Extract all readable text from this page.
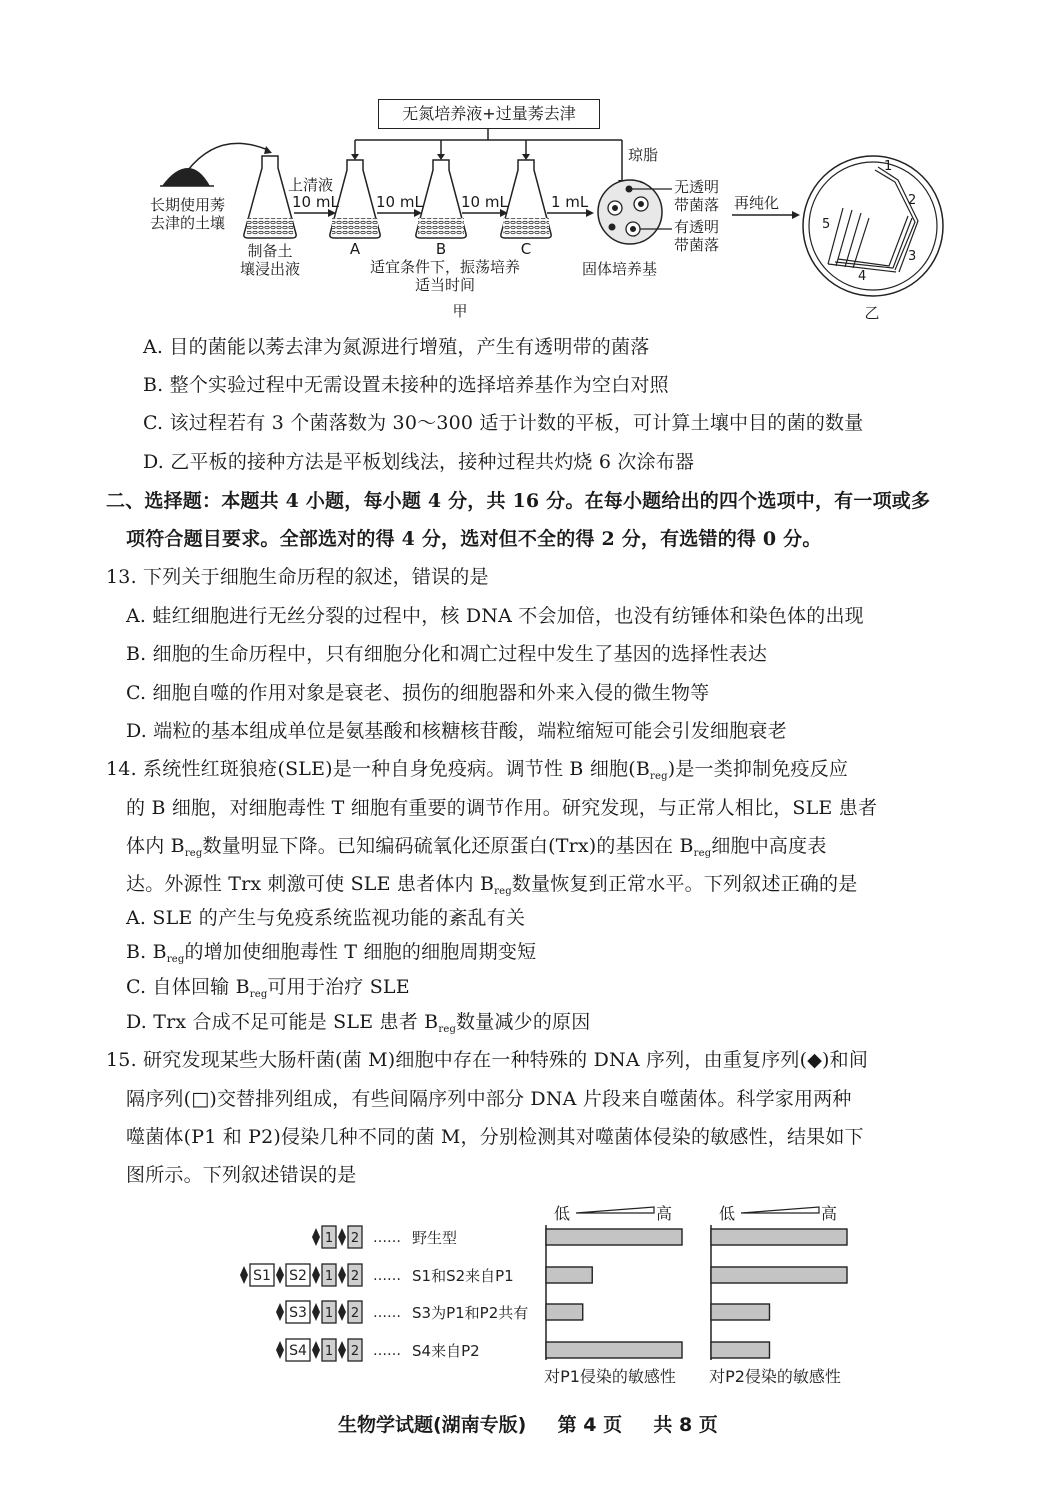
无氮培养液+过量莠去津
长期使用莠
去津的土壤
上清液
10 mL
制备土
壤浸出液
10 mL	10 mL	1 mL
A	B	C
适宜条件下，振荡培养
适当时间
甲
琼脂
无透明
带菌落
有透明
带菌落
固体培养基
再纯化
1
2
3
4
5
乙
A. 目的菌能以莠去津为氮源进行增殖，产生有透明带的菌落
B. 整个实验过程中无需设置未接种的选择培养基作为空白对照
C. 该过程若有 3 个菌落数为 30～300 适于计数的平板，可计算土壤中目的菌的数量
D. 乙平板的接种方法是平板划线法，接种过程共灼烧 6 次涂布器
二、选择题：本题共 4 小题，每小题 4 分，共 16 分。在每小题给出的四个选项中，有一项或多
项符合题目要求。全部选对的得 4 分，选对但不全的得 2 分，有选错的得 0 分。
13. 下列关于细胞生命历程的叙述，错误的是
A. 蛙红细胞进行无丝分裂的过程中，核 DNA 不会加倍，也没有纺锤体和染色体的出现
B. 细胞的生命历程中，只有细胞分化和凋亡过程中发生了基因的选择性表达
C. 细胞自噬的作用对象是衰老、损伤的细胞器和外来入侵的微生物等
D. 端粒的基本组成单位是氨基酸和核糖核苷酸，端粒缩短可能会引发细胞衰老
14. 系统性红斑狼疮(SLE)是一种自身免疫病。调节性 B 细胞$(B_{reg})$是一类抑制免疫反应
的 B 细胞，对细胞毒性 T 细胞有重要的调节作用。研究发现，与正常人相比，SLE 患者
体内 $B_{reg}$数量明显下降。已知编码硫氧化还原蛋白(Trx)的基因在 $B_{reg}$细胞中高度表
达。外源性 Trx 刺激可使 SLE 患者体内 $B_{reg}$数量恢复到正常水平。下列叙述正确的是
A. SLE 的产生与免疫系统监视功能的紊乱有关
B. $B_{reg}$的增加使细胞毒性 T 细胞的细胞周期变短
C. 自体回输 $B_{reg}$可用于治疗 SLE
D. Trx 合成不足可能是 SLE 患者 $B_{reg}$数量减少的原因
15. 研究发现某些大肠杆菌(菌 M)细胞中存在一种特殊的 DNA 序列，由重复序列(◆)和间
隔序列(□)交替排列组成，有些间隔序列中部分 DNA 片段来自噬菌体。科学家用两种
噬菌体(P1 和 P2)侵染几种不同的菌 M，分别检测其对噬菌体侵染的敏感性，结果如下
图所示。下列叙述错误的是
2
1	…… 野生型
2
1
S2
S1	…… S1和S2来自P1
2
1
S3	…… S3为P1和P2共有
2
1
S4	…… S4来自P2
低	高
对P1侵染的敏感性
低	高
对P2侵染的敏感性
生物学试题(湖南专版) 第 4 页 共 8 页
